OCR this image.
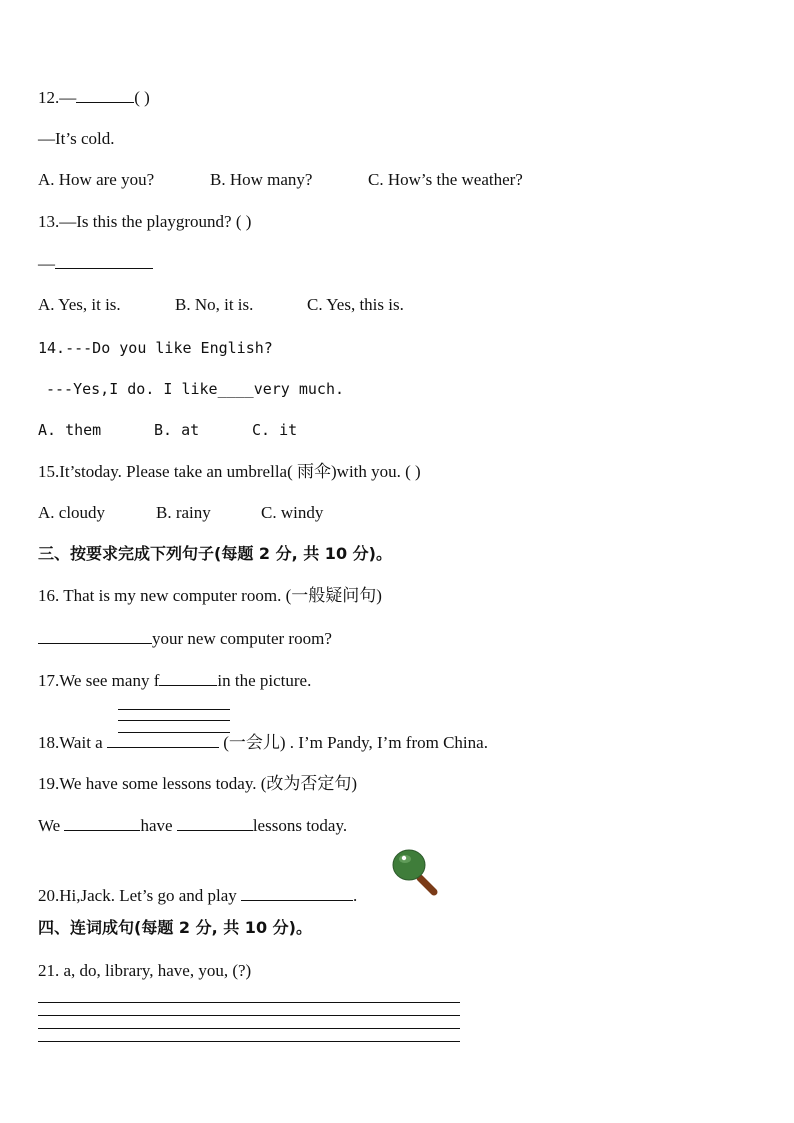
12.—	( )
—It’s cold.
A. How are you?	B. How many?	C. How’s the weather?
13.—Is this the playground? ( )
—
A. Yes, it is.	B. No, it is.	C. Yes, this is.
14.---Do you like English?
---Yes,I do. I like____very much.
A. them	B. at	C. it
15.It’stoday. Please take an umbrella( 雨伞)with you. ( )
A. cloudy	B. rainy	C. windy
三、按要求完成下列句子(每题 2 分, 共 10 分)。
16. That is my new computer room. (一般疑问句)
your new computer room?
17.We see many f	in the picture.
18.Wait a	(一会儿) . I’m Pandy, I’m from China.
19.We have some lessons today. (改为否定句)
We	have	lessons today.
20.Hi,Jack. Let’s go and play	.
四、连词成句(每题 2 分, 共 10 分)。
21. a, do, library, have, you, (?)
